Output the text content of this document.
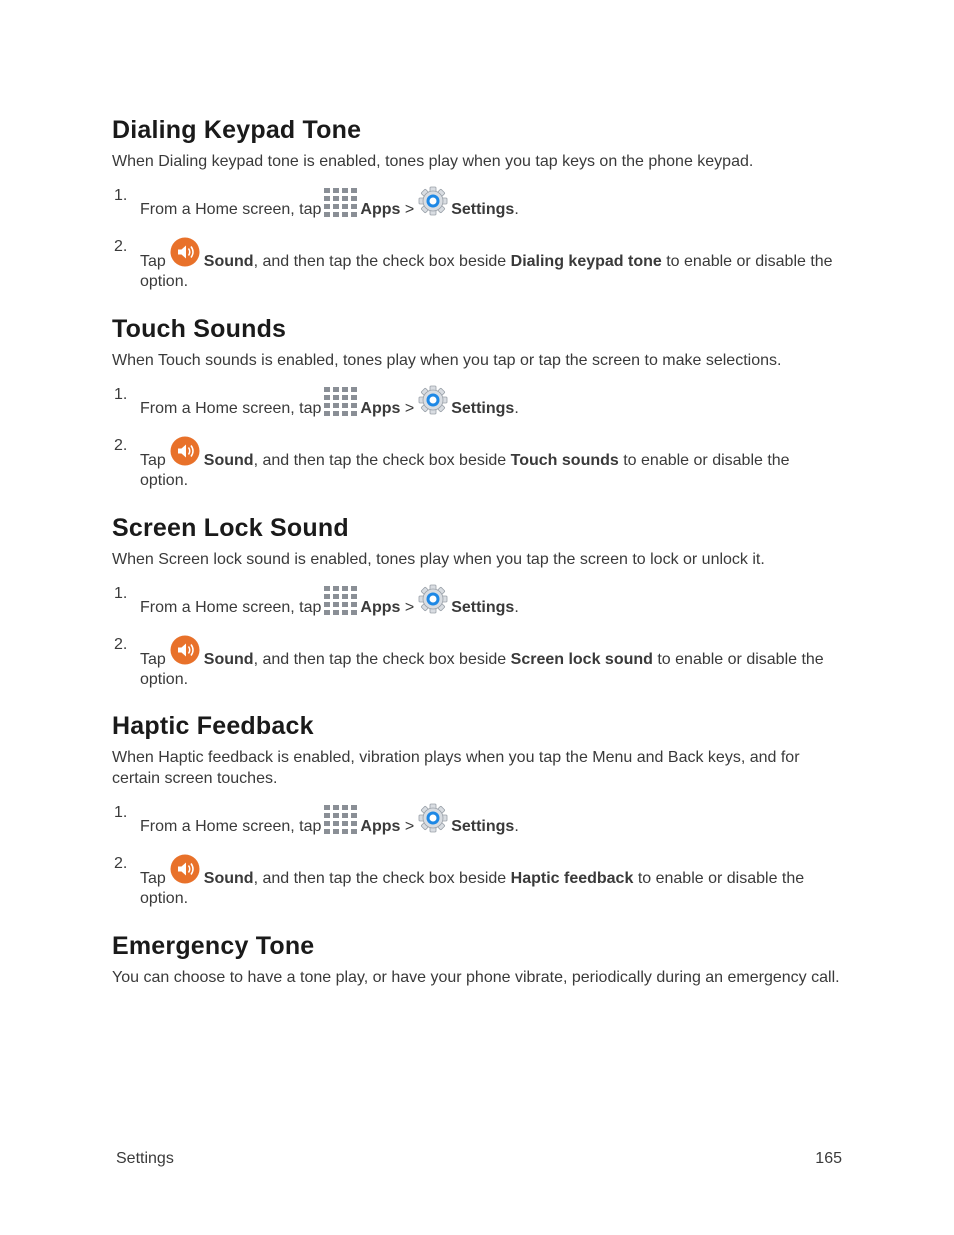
Dialing Keypad Tone

When Dialing keypad tone is enabled, tones play when you tap keys on the phone keypad.

1.
From a Home screen, tap Apps > Settings.
2.
Tap Sound, and then tap the check box beside Dialing keypad tone to enable or disable the option.
Touch Sounds

When Touch sounds is enabled, tones play when you tap or tap the screen to make selections.

1.
From a Home screen, tap Apps > Settings.
2.
Tap Sound, and then tap the check box beside Touch sounds to enable or disable the option.
Screen Lock Sound

When Screen lock sound is enabled, tones play when you tap the screen to lock or unlock it.

1.
From a Home screen, tap Apps > Settings.
2.
Tap Sound, and then tap the check box beside Screen lock sound to enable or disable the option.
Haptic Feedback

When Haptic feedback is enabled, vibration plays when you tap the Menu and Back keys, and for certain screen touches.

1.
From a Home screen, tap Apps > Settings.
2.
Tap Sound, and then tap the check box beside Haptic feedback to enable or disable the option.
Emergency Tone

You can choose to have a tone play, or have your phone vibrate, periodically during an emergency call.

Settings	165
